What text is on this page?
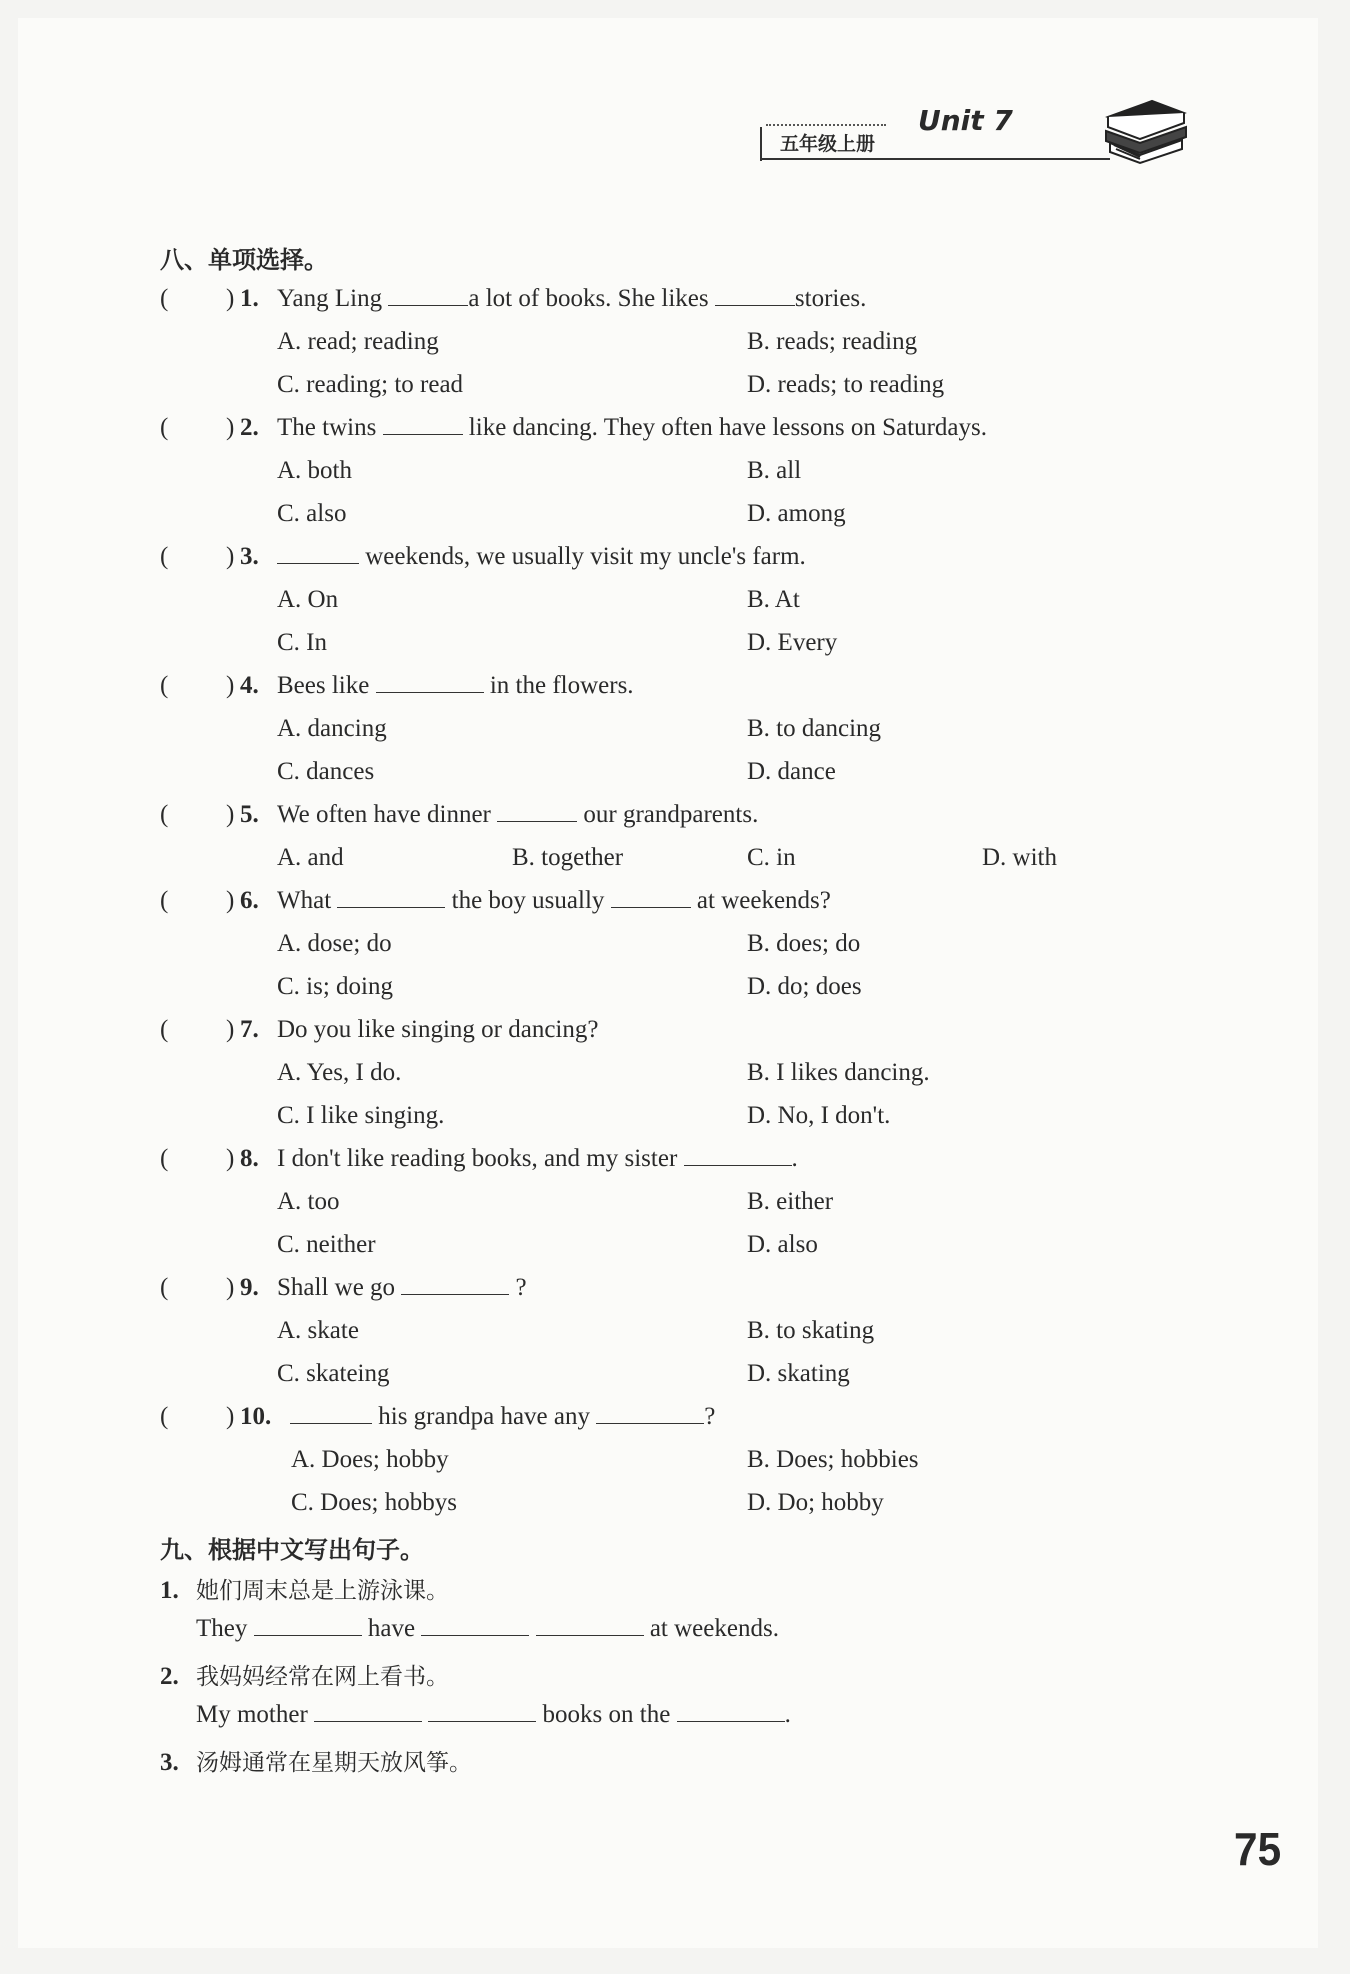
五年级上册
Unit 7
八、单项选择。
( ) 1. Yang Ling	a lot of books. She likes	stories.
A. read; reading	B. reads; reading
C. reading; to read	D. reads; to reading
( ) 2. The twins	like dancing. They often have lessons on Saturdays.
A. both	B. all
C. also	D. among
( ) 3.	weekends, we usually visit my uncle's farm.
A. On	B. At
C. In	D. Every
( ) 4. Bees like	in the flowers.
A. dancing	B. to dancing
C. dances	D. dance
( ) 5. We often have dinner	our grandparents.
A. and	B. together	C. in	D. with
( ) 6. What	the boy usually	at weekends?
A. dose; do	B. does; do
C. is; doing	D. do; does
( ) 7. Do you like singing or dancing?
A. Yes, I do.	B. I likes dancing.
C. I like singing.	D. No, I don't.
( ) 8. I don't like reading books, and my sister	.
A. too	B. either
C. neither	D. also
( ) 9. Shall we go	?
A. skate	B. to skating
C. skateing	D. skating
( ) 10.	his grandpa have any	?
A. Does; hobby	B. Does; hobbies
C. Does; hobbys	D. Do; hobby
九、根据中文写出句子。
1. 她们周末总是上游泳课。
They	have	at weekends.
2. 我妈妈经常在网上看书。
My mother	books on the	.
3. 汤姆通常在星期天放风筝。
75
